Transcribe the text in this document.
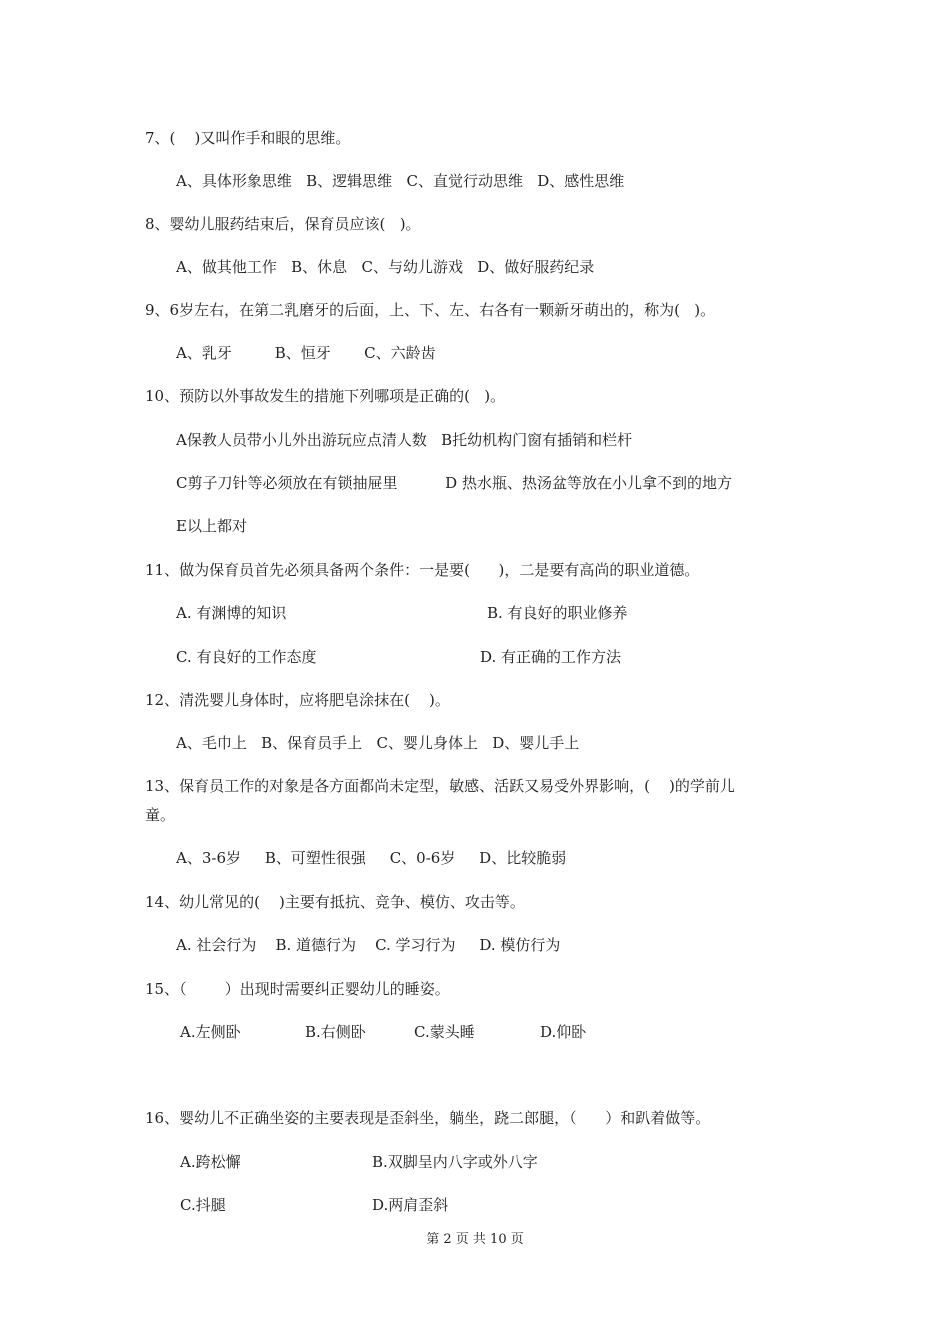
7、(    )又叫作手和眼的思维。
A、具体形象思维   B、逻辑思维   C、直觉行动思维   D、感性思维
8、婴幼儿服药结束后，保育员应该(   )。
A、做其他工作   B、休息   C、与幼儿游戏   D、做好服药纪录
9、6岁左右，在第二乳磨牙的后面，上、下、左、右各有一颗新牙萌出的，称为(   )。
A、乳牙         B、恒牙       C、六龄齿
10、预防以外事故发生的措施下列哪项是正确的(   )。
A保教人员带小儿外出游玩应点清人数   B托幼机构门窗有插销和栏杆
C剪子刀针等必须放在有锁抽屉里          D 热水瓶、热汤盆等放在小儿拿不到的地方
E以上都对
11、做为保育员首先必须具备两个条件：一是要(      )，二是要有高尚的职业道德。
A. 有渊博的知识	B. 有良好的职业修养
C. 有良好的工作态度	D. 有正确的工作方法
12、清洗婴儿身体时，应将肥皂涂抹在(    )。
A、毛巾上   B、保育员手上   C、婴儿身体上   D、婴儿手上
13、保育员工作的对象是各方面都尚未定型，敏感、活跃又易受外界影响，(    )的学前儿
童。
A、3-6岁     B、可塑性很强     C、0-6岁     D、比较脆弱
14、幼儿常见的(    )主要有抵抗、竞争、模仿、攻击等。
A. 社会行为    B. 道德行为    C. 学习行为     D. 模仿行为
15、（        ）出现时需要纠正婴幼儿的睡姿。
A.左侧卧	B.右侧卧	C.蒙头睡	D.仰卧
16、婴幼儿不正确坐姿的主要表现是歪斜坐，躺坐，跷二郎腿，（      ）和趴着做等。
A.跨松懈	B.双脚呈内八字或外八字
C.抖腿	D.两肩歪斜
第 2 页 共 10 页
